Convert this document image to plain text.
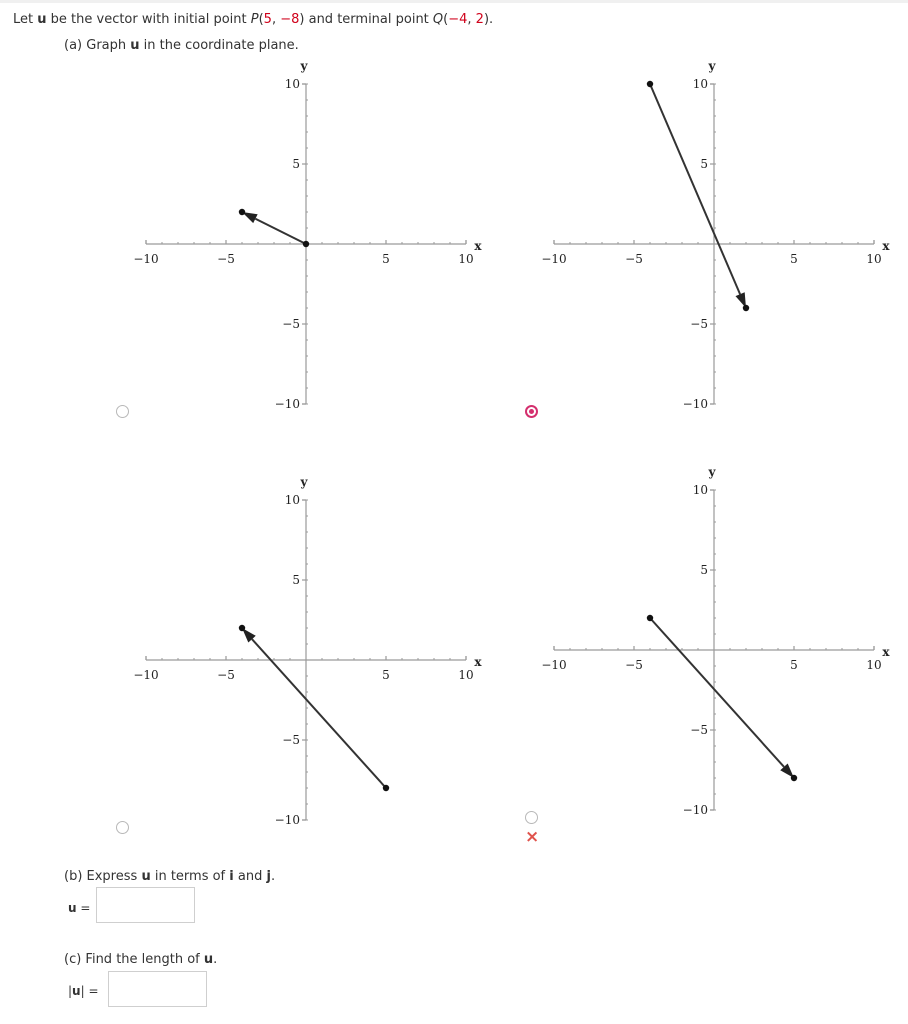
Let u be the vector with initial point P(5, −8) and terminal point Q(−4, 2).
(a) Graph u in the coordinate plane.
×
−10
−10
−5
−5
5
5
10
10
x
y
−10
−10
−5
−5
5
5
10
10
x
y
−10
−10
−5
−5
5
5
10
10
x
y
−10
−10
−5
−5
5
5
10
10
x
y
(b) Express u in terms of i and j.
u =
(c) Find the length of u.
|u| =
